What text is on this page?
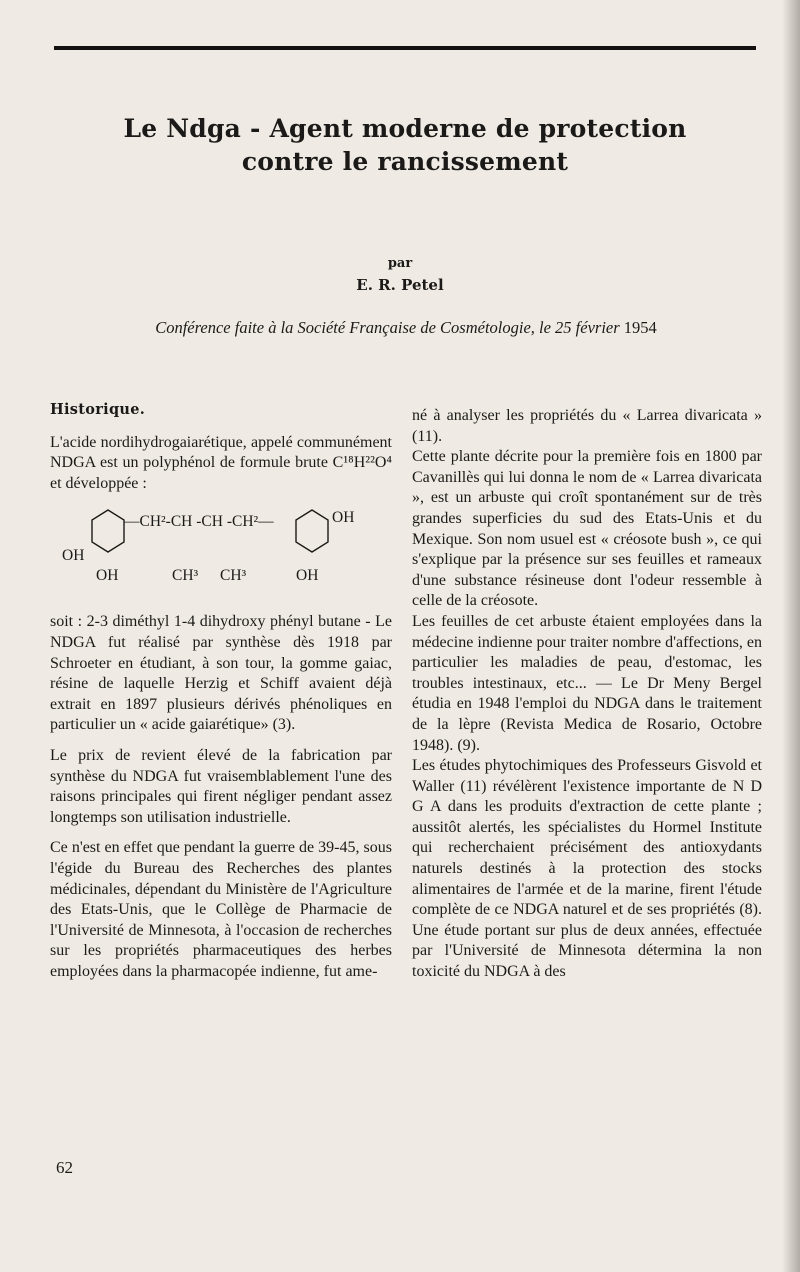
Le Ndga - Agent moderne de protection
contre le rancissement
par
E. R. Petel
Conférence faite à la Société Française de Cosmétologie, le 25 février 1954
Historique.

L'acide nordihydrogaiarétique, appelé communément NDGA est un polyphénol de formule brute C¹⁸H²²O⁴ et développée :

—CH²-CH -CH -CH²—	OH
OH
OH	CH³ CH³	OH

soit : 2-3 diméthyl 1-4 dihydroxy phényl butane - Le NDGA fut réalisé par synthèse dès 1918 par Schroeter en étudiant, à son tour, la gomme gaiac, résine de laquelle Herzig et Schiff avaient déjà extrait en 1897 plusieurs dérivés phénoliques en particulier un « acide gaiarétique» (3).

Le prix de revient élevé de la fabrication par synthèse du NDGA fut vraisemblablement l'une des raisons principales qui firent négliger pendant assez longtemps son utilisation industrielle.

Ce n'est en effet que pendant la guerre de 39-45, sous l'égide du Bureau des Recherches des plantes médicinales, dépendant du Ministère de l'Agriculture des Etats-Unis, que le Collège de Pharmacie de l'Université de Minnesota, à l'occasion de recherches sur les propriétés pharmaceutiques des herbes employées dans la pharmacopée indienne, fut ame-

né à analyser les propriétés du « Larrea divaricata » (11).

Cette plante décrite pour la première fois en 1800 par Cavanillès qui lui donna le nom de « Larrea divaricata », est un arbuste qui croît spontanément sur de très grandes superficies du sud des Etats-Unis et du Mexique. Son nom usuel est « créosote bush », ce qui s'explique par la présence sur ses feuilles et rameaux d'une substance résineuse dont l'odeur ressemble à celle de la créosote.

Les feuilles de cet arbuste étaient employées dans la médecine indienne pour traiter nombre d'affections, en particulier les maladies de peau, d'estomac, les troubles intestinaux, etc... — Le Dr Meny Bergel étudia en 1948 l'emploi du NDGA dans le traitement de la lèpre (Revista Medica de Rosario, Octobre 1948). (9).

Les études phytochimiques des Professeurs Gisvold et Waller (11) révélèrent l'existence importante de N D G A dans les produits d'extraction de cette plante ; aussitôt alertés, les spécialistes du Hormel Institute qui recherchaient précisément des antioxydants naturels destinés à la protection des stocks alimentaires de l'armée et de la marine, firent l'étude complète de ce NDGA naturel et de ses propriétés (8). Une étude portant sur plus de deux années, effectuée par l'Université de Minnesota détermina la non toxicité du NDGA à des

62
